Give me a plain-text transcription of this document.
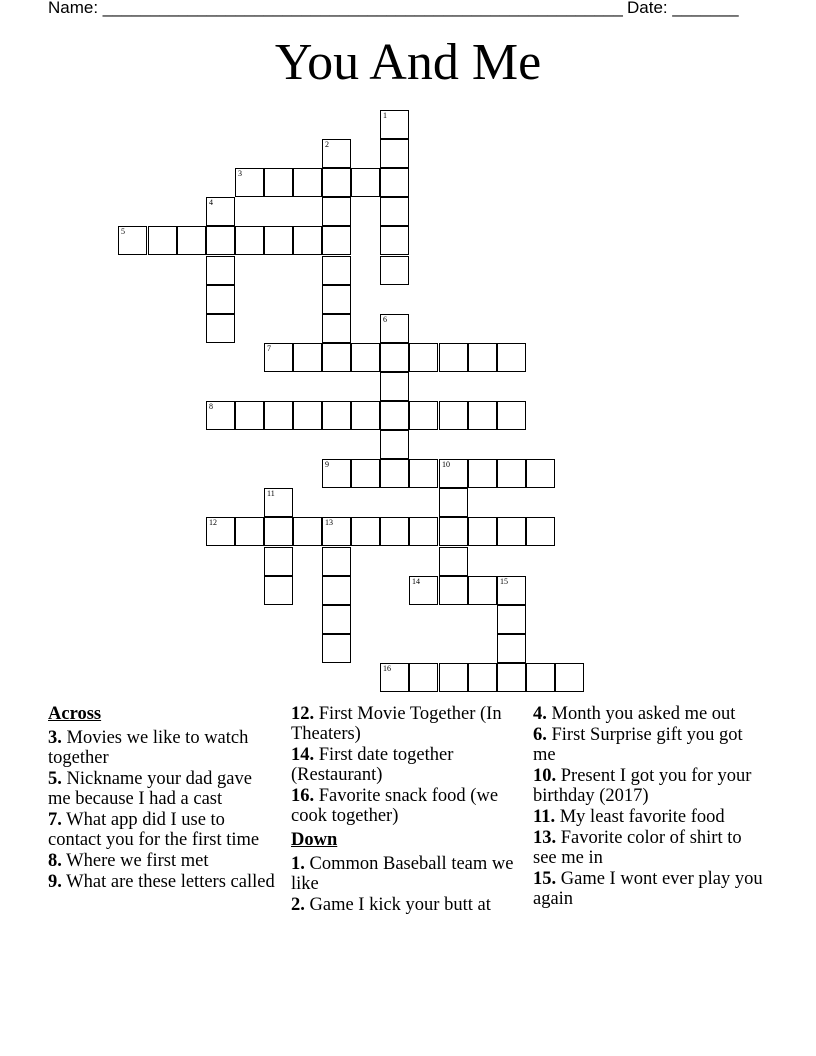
Name: _______________________________________________________ Date: _______
You And Me
1
2
3
4
5
6
7
8
9	10
11
12	13
14	15
16
Across
3. Movies we like to watch together
5. Nickname your dad gave me because I had a cast
7. What app did I use to contact you for the first time
8. Where we first met
9. What are these letters called
12. First Movie Together (In Theaters)
14. First date together (Restaurant)
16. Favorite snack food (we cook together)
Down
1. Common Baseball team we like
2. Game I kick your butt at
4. Month you asked me out
6. First Surprise gift you got me
10. Present I got you for your birthday (2017)
11. My least favorite food
13. Favorite color of shirt to see me in
15. Game I wont ever play you again
